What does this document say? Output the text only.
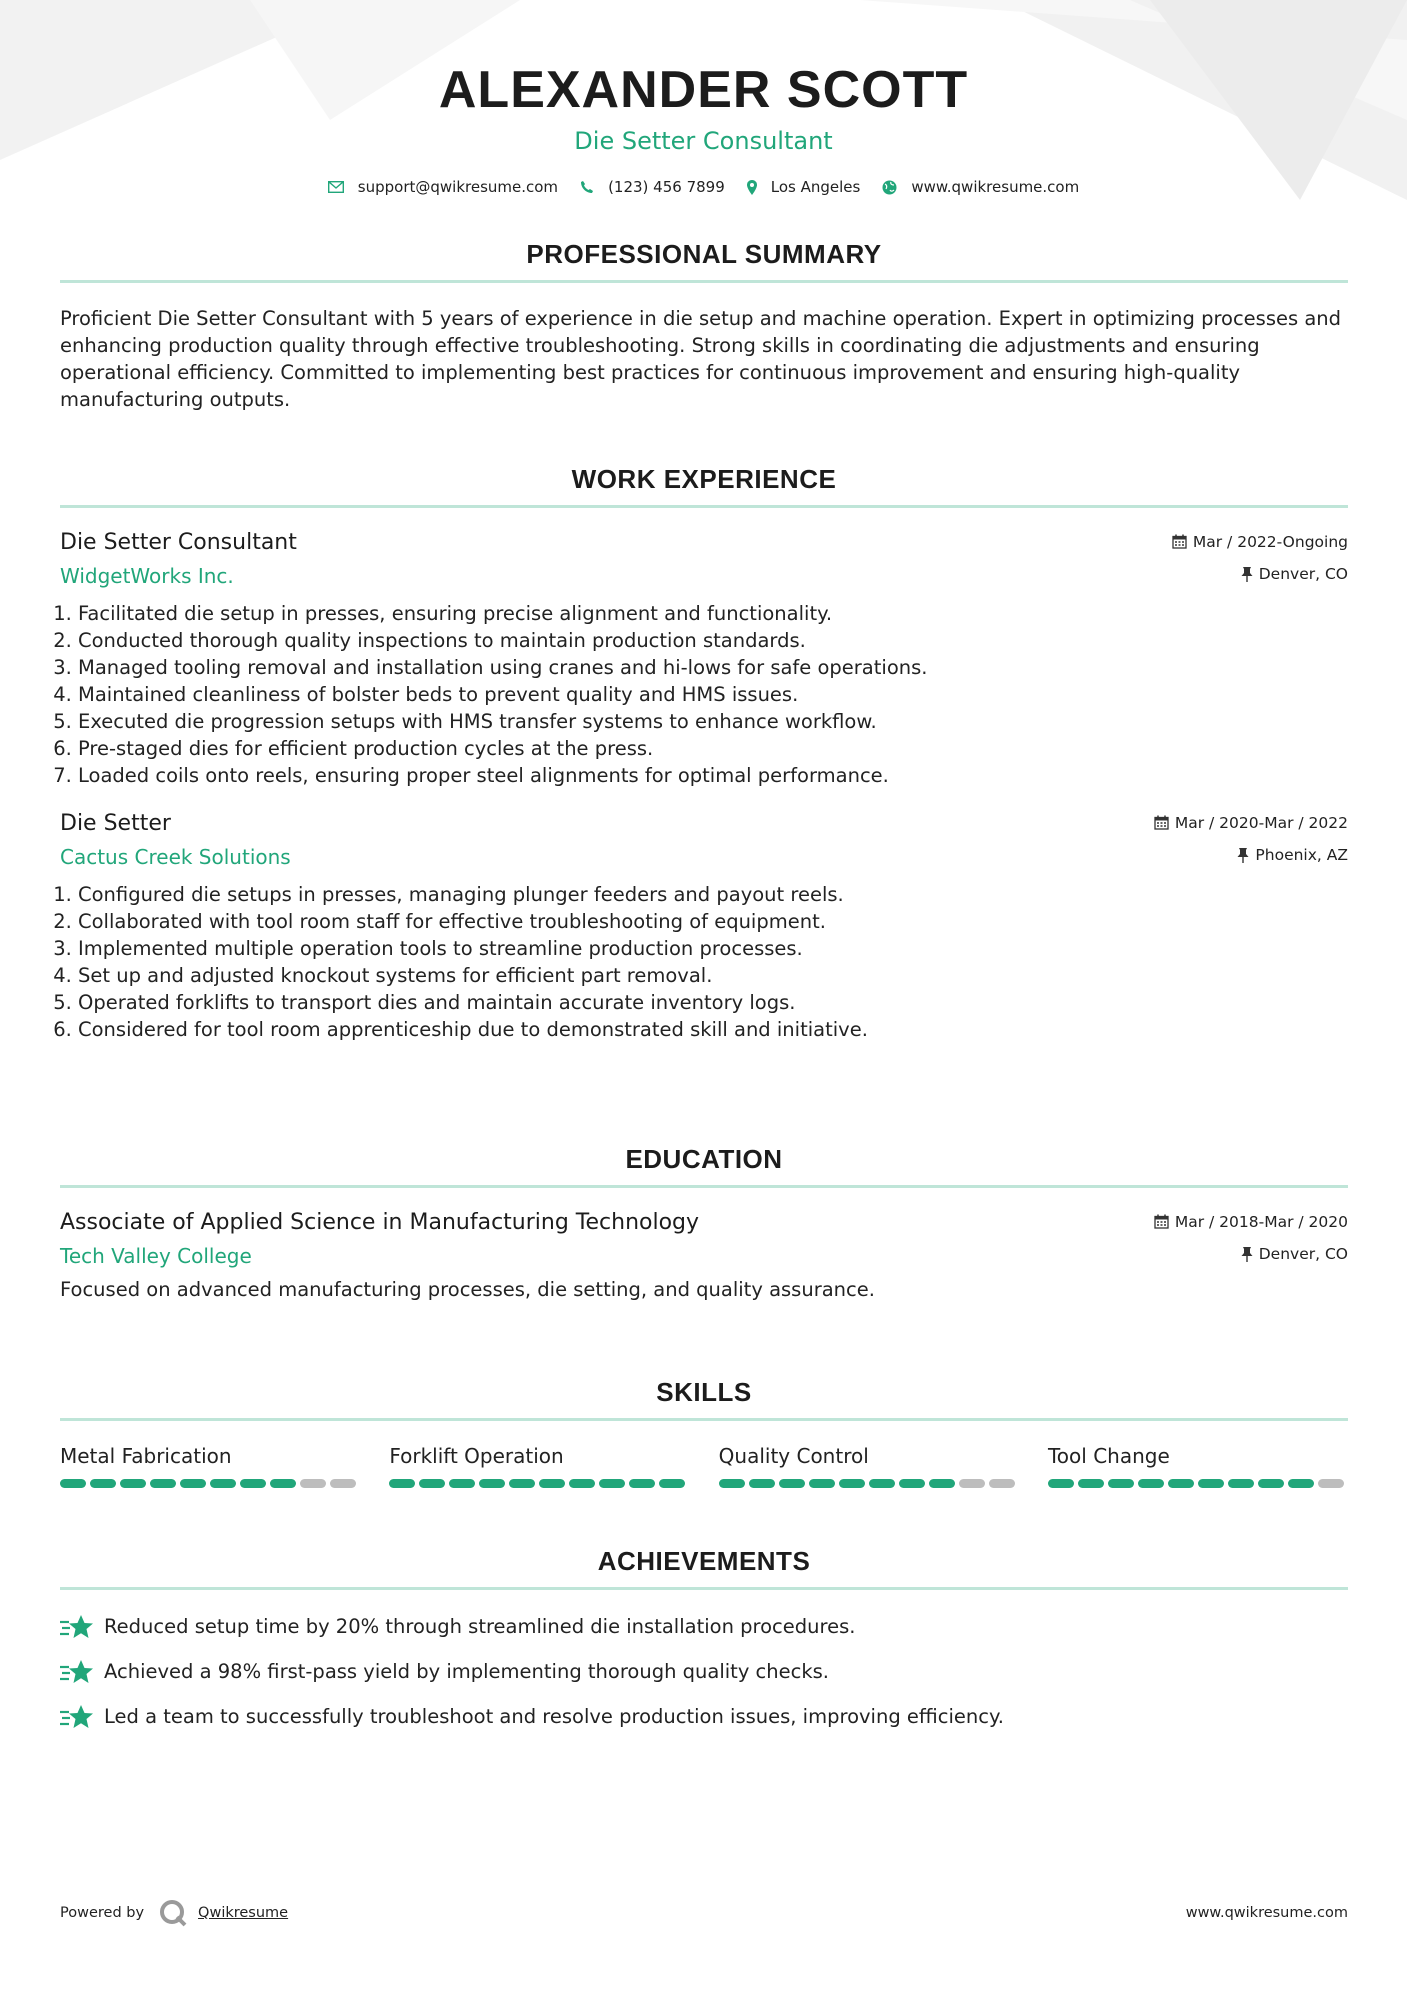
ALEXANDER SCOTT
Die Setter Consultant
support@qwikresume.com	(123) 456 7899	Los Angeles	www.qwikresume.com
PROFESSIONAL SUMMARY
Proficient Die Setter Consultant with 5 years of experience in die setup and machine operation. Expert in optimizing processes and enhancing production quality through effective troubleshooting. Strong skills in coordinating die adjustments and ensuring operational efficiency. Committed to implementing best practices for continuous improvement and ensuring high-quality manufacturing outputs.
WORK EXPERIENCE
Die Setter Consultant	Mar / 2022-Ongoing
WidgetWorks Inc.	Denver, CO
1. Facilitated die setup in presses, ensuring precise alignment and functionality.
2. Conducted thorough quality inspections to maintain production standards.
3. Managed tooling removal and installation using cranes and hi-lows for safe operations.
4. Maintained cleanliness of bolster beds to prevent quality and HMS issues.
5. Executed die progression setups with HMS transfer systems to enhance workflow.
6. Pre-staged dies for efficient production cycles at the press.
7. Loaded coils onto reels, ensuring proper steel alignments for optimal performance.
Die Setter	Mar / 2020-Mar / 2022
Cactus Creek Solutions	Phoenix, AZ
1. Configured die setups in presses, managing plunger feeders and payout reels.
2. Collaborated with tool room staff for effective troubleshooting of equipment.
3. Implemented multiple operation tools to streamline production processes.
4. Set up and adjusted knockout systems for efficient part removal.
5. Operated forklifts to transport dies and maintain accurate inventory logs.
6. Considered for tool room apprenticeship due to demonstrated skill and initiative.
EDUCATION
Associate of Applied Science in Manufacturing Technology	Mar / 2018-Mar / 2020
Tech Valley College	Denver, CO
Focused on advanced manufacturing processes, die setting, and quality assurance.
SKILLS
Metal Fabrication	Forklift Operation	Quality Control	Tool Change
ACHIEVEMENTS
Reduced setup time by 20% through streamlined die installation procedures.
Achieved a 98% first-pass yield by implementing thorough quality checks.
Led a team to successfully troubleshoot and resolve production issues, improving efficiency.
Powered by	Qwikresume	www.qwikresume.com
